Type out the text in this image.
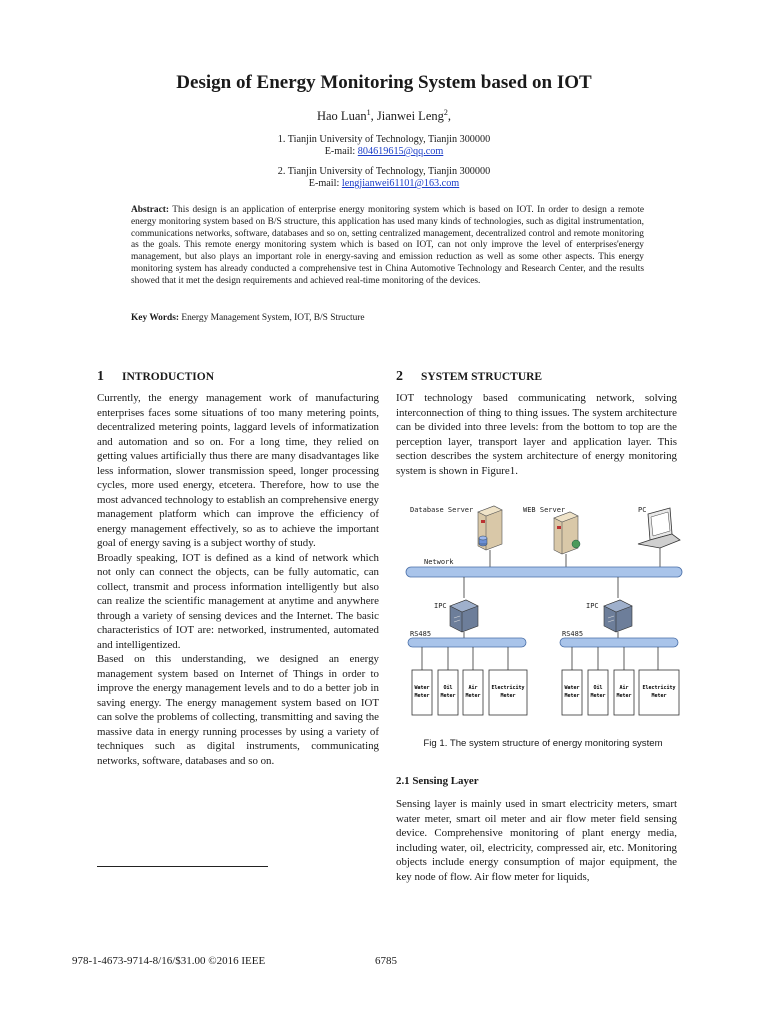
Design of Energy Monitoring System based on IOT
Hao Luan$^1$, Jianwei Leng$^2$,
1. Tianjin University of Technology, Tianjin 300000
E-mail: 804619615@qq.com
2. Tianjin University of Technology, Tianjin 300000
E-mail: lengjianwei61101@163.com
Abstract: This design is an application of enterprise energy monitoring system which is based on IOT. In order to design a remote energy monitoring system based on B/S structure, this application has used many kinds of technologies, such as digital instrumentation, communications networks, software, databases and so on, setting centralized management, decentralized control and remote monitoring as the goals. This remote energy monitoring system which is based on IOT, can not only improve the level of enterprises'energy management, but also plays an important role in energy-saving and emission reduction as well as some other aspects. This energy monitoring system has already conducted a comprehensive test in China Automotive Technology and Research Center, and the results showed that it met the design requirements and achieved real-time monitoring of the devices.
Key Words: Energy Management System, IOT, B/S Structure
1 INTRODUCTION

Currently, the energy management work of manufacturing enterprises faces some situations of too many metering points, decentralized metering points, laggard levels of informatization and automation and so on. For a long time, they relied on getting values artificially thus there are many disadvantages like less information, slower transmission speed, longer processing cycles, more used energy, etcetera. Therefore, how to use the most advanced technology to establish an comprehensive energy management platform which can improve the efficiency of energy management effectively, so as to achieve the important goal of energy saving is a subject worthy of study.

Broadly speaking, IOT is defined as a kind of network which not only can connect the objects, can be fully automatic, can collect, transmit and process information intelligently but also can realize the scientific management at anytime and anywhere through a variety of sensing devices and the Internet. The basic characteristics of IOT are: networked, instrumented, automated and intelligentized.

Based on this understanding, we designed an energy management system based on Internet of Things in order to improve the energy management levels and to do a better job in saving energy. The energy management system based on IOT can solve the problems of collecting, transmitting and saving the massive data in energy running processes by using a variety of techniques such as digital instruments, communicating networks, software, databases and so on.

2 SYSTEM STRUCTURE

IOT technology based communicating network, solving interconnection of thing to thing issues. The system architecture can be divided into three levels: from the bottom to top are the perception layer, transport layer and application layer. This section describes the system architecture of energy monitoring system is shown in Figure1.

Database Server	WEB Server	PC
Network
IPC	IPC
RS485	RS485
Water
Meter
Oil
Meter
Air
Meter
Electricity
Meter
Water
Meter
Oil
Meter
Air
Meter
Electricity
Meter
Fig 1. The system structure of energy monitoring system
2.1 Sensing Layer

Sensing layer is mainly used in smart electricity meters, smart water meter, smart oil meter and air flow meter field sensing device. Comprehensive monitoring of plant energy media, including water, oil, electricity, compressed air, etc. Monitoring objects include energy consumption of major equipment, the key node of flow. Air flow meter for liquids,

978-1-4673-9714-8/16/$31.00 ©2016 IEEE	6785
